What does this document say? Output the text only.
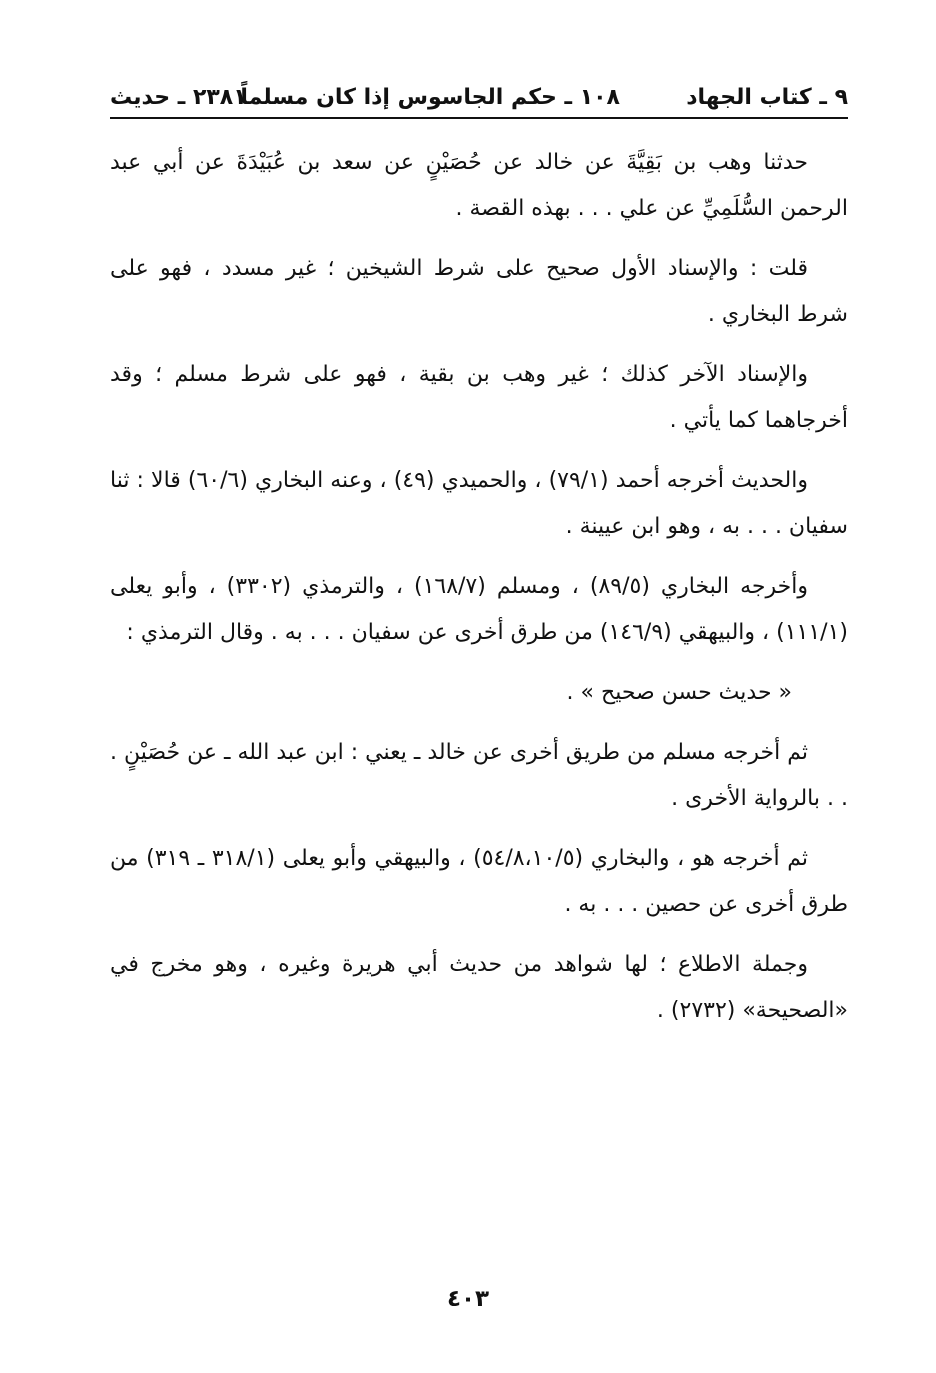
٩ ـ كتاب الجهاد
١٠٨ ـ حكم الجاسوس إذا كان مسلماً
٢٣٨١ ـ حديث

حدثنا وهب بن بَقِيَّةَ عن خالد عن حُصَيْنٍ عن سعد بن عُبَيْدَةَ عن أبي عبد الرحمن السُّلَمِيِّ عن علي . . . بهذه القصة .

قلت : والإسناد الأول صحيح على شرط الشيخين ؛ غير مسدد ، فهو على شرط البخاري .

والإسناد الآخر كذلك ؛ غير وهب بن بقية ، فهو على شرط مسلم ؛ وقد أخرجاهما كما يأتي .

والحديث أخرجه أحمد (٧٩/١) ، والحميدي (٤٩) ، وعنه البخاري (٦٠/٦) قالا : ثنا سفيان . . . به ، وهو ابن عيينة .

وأخرجه البخاري (٨٩/٥) ، ومسلم (١٦٨/٧) ، والترمذي (٣٣٠٢) ، وأبو يعلى (١١١/١) ، والبيهقي (١٤٦/٩) من طرق أخرى عن سفيان . . . به . وقال الترمذي :

« حديث حسن صحيح » .

ثم أخرجه مسلم من طريق أخرى عن خالد ـ يعني : ابن عبد الله ـ عن حُصَيْنٍ . . . بالرواية الأخرى .

ثم أخرجه هو ، والبخاري (٥٤/٨،١٠/٥) ، والبيهقي وأبو يعلى (٣١٨/١ ـ ٣١٩) من طرق أخرى عن حصين . . . به .

وجملة الاطلاع ؛ لها شواهد من حديث أبي هريرة وغيره ، وهو مخرج في «الصحيحة» (٢٧٣٢) .

٤٠٣
